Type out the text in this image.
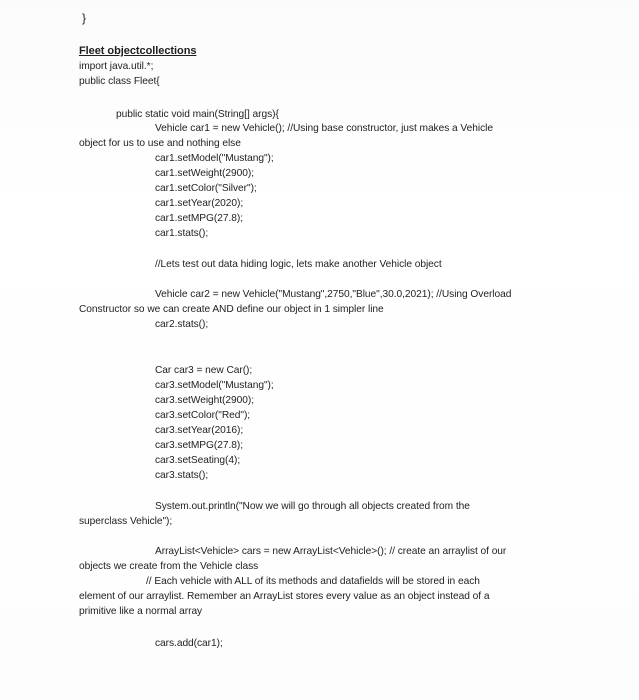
}
Fleet objectcollections
import java.util.*;
public class Fleet{
public static void main(String[] args){
Vehicle car1 = new Vehicle(); //Using base constructor, just makes a Vehicle
object for us to use and nothing else
car1.setModel("Mustang");
car1.setWeight(2900);
car1.setColor("Silver");
car1.setYear(2020);
car1.setMPG(27.8);
car1.stats();
//Lets test out data hiding logic, lets make another Vehicle object
Vehicle car2 = new Vehicle("Mustang",2750,"Blue",30.0,2021); //Using Overload
Constructor so we can create AND define our object in 1 simpler line
car2.stats();
Car car3 = new Car();
car3.setModel("Mustang");
car3.setWeight(2900);
car3.setColor("Red");
car3.setYear(2016);
car3.setMPG(27.8);
car3.setSeating(4);
car3.stats();
System.out.println("Now we will go through all objects created from the
superclass Vehicle");
ArrayList<Vehicle> cars = new ArrayList<Vehicle>(); // create an arraylist of our
objects we create from the Vehicle class
// Each vehicle with ALL of its methods and datafields will be stored in each
element of our arraylist. Remember an ArrayList stores every value as an object instead of a
primitive like a normal array
cars.add(car1);
